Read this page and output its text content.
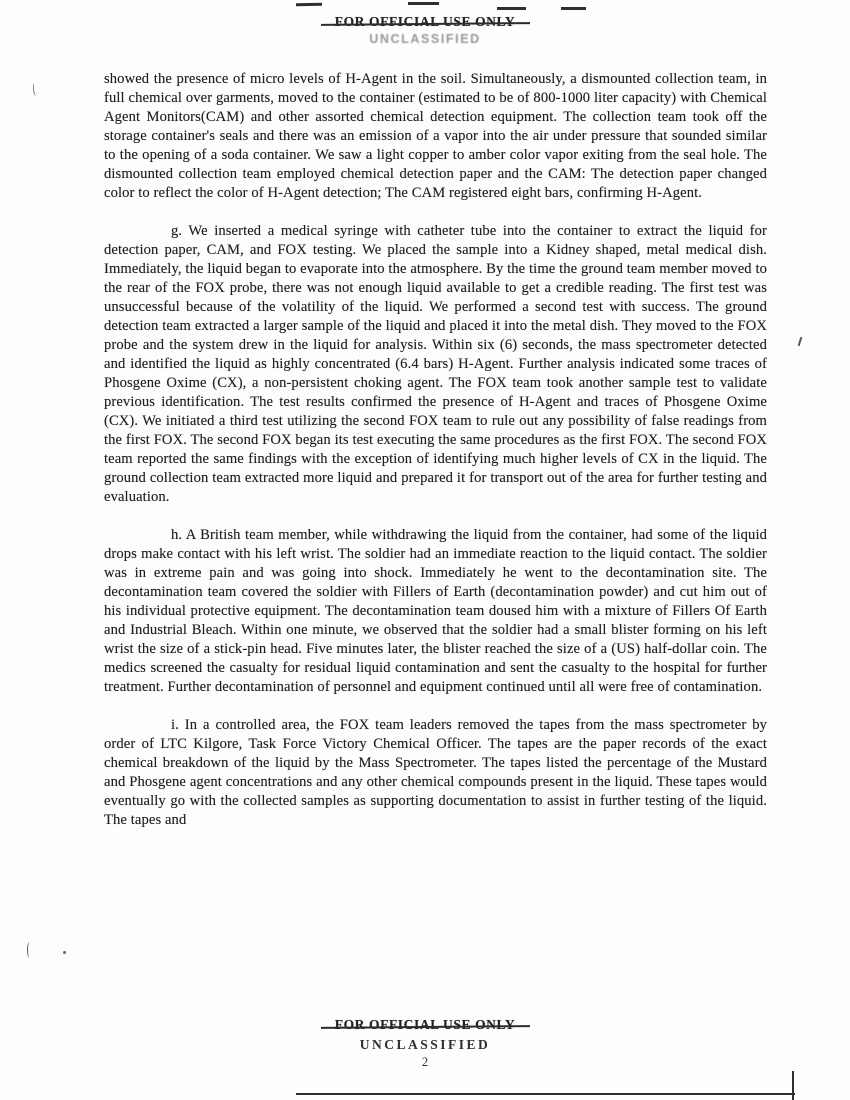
FOR OFFICIAL USE ONLY
UNCLASSIFIED

showed the presence of micro levels of H-Agent in the soil. Simultaneously, a dismounted collection team, in full chemical over garments, moved to the container (estimated to be of 800-1000 liter capacity) with Chemical Agent Monitors(CAM) and other assorted chemical detection equipment. The collection team took off the storage container's seals and there was an emission of a vapor into the air under pressure that sounded similar to the opening of a soda container. We saw a light copper to amber color vapor exiting from the seal hole. The dismounted collection team employed chemical detection paper and the CAM: The detection paper changed color to reflect the color of H-Agent detection; The CAM registered eight bars, confirming H-Agent.

g. We inserted a medical syringe with catheter tube into the container to extract the liquid for detection paper, CAM, and FOX testing. We placed the sample into a Kidney shaped, metal medical dish. Immediately, the liquid began to evaporate into the atmosphere. By the time the ground team member moved to the rear of the FOX probe, there was not enough liquid available to get a credible reading. The first test was unsuccessful because of the volatility of the liquid. We performed a second test with success. The ground detection team extracted a larger sample of the liquid and placed it into the metal dish. They moved to the FOX probe and the system drew in the liquid for analysis. Within six (6) seconds, the mass spectrometer detected and identified the liquid as highly concentrated (6.4 bars) H-Agent. Further analysis indicated some traces of Phosgene Oxime (CX), a non-persistent choking agent. The FOX team took another sample test to validate previous identification. The test results confirmed the presence of H-Agent and traces of Phosgene Oxime (CX). We initiated a third test utilizing the second FOX team to rule out any possibility of false readings from the first FOX. The second FOX began its test executing the same procedures as the first FOX. The second FOX team reported the same findings with the exception of identifying much higher levels of CX in the liquid. The ground collection team extracted more liquid and prepared it for transport out of the area for further testing and evaluation.

h. A British team member, while withdrawing the liquid from the container, had some of the liquid drops make contact with his left wrist. The soldier had an immediate reaction to the liquid contact. The soldier was in extreme pain and was going into shock. Immediately he went to the decontamination site. The decontamination team covered the soldier with Fillers of Earth (decontamination powder) and cut him out of his individual protective equipment. The decontamination team doused him with a mixture of Fillers Of Earth and Industrial Bleach. Within one minute, we observed that the soldier had a small blister forming on his left wrist the size of a stick-pin head. Five minutes later, the blister reached the size of a (US) half-dollar coin. The medics screened the casualty for residual liquid contamination and sent the casualty to the hospital for further treatment. Further decontamination of personnel and equipment continued until all were free of contamination.

i. In a controlled area, the FOX team leaders removed the tapes from the mass spectrometer by order of LTC Kilgore, Task Force Victory Chemical Officer. The tapes are the paper records of the exact chemical breakdown of the liquid by the Mass Spectrometer. The tapes listed the percentage of the Mustard and Phosgene agent concentrations and any other chemical compounds present in the liquid. These tapes would eventually go with the collected samples as supporting documentation to assist in further testing of the liquid. The tapes and

FOR OFFICIAL USE ONLY
UNCLASSIFIED
2
